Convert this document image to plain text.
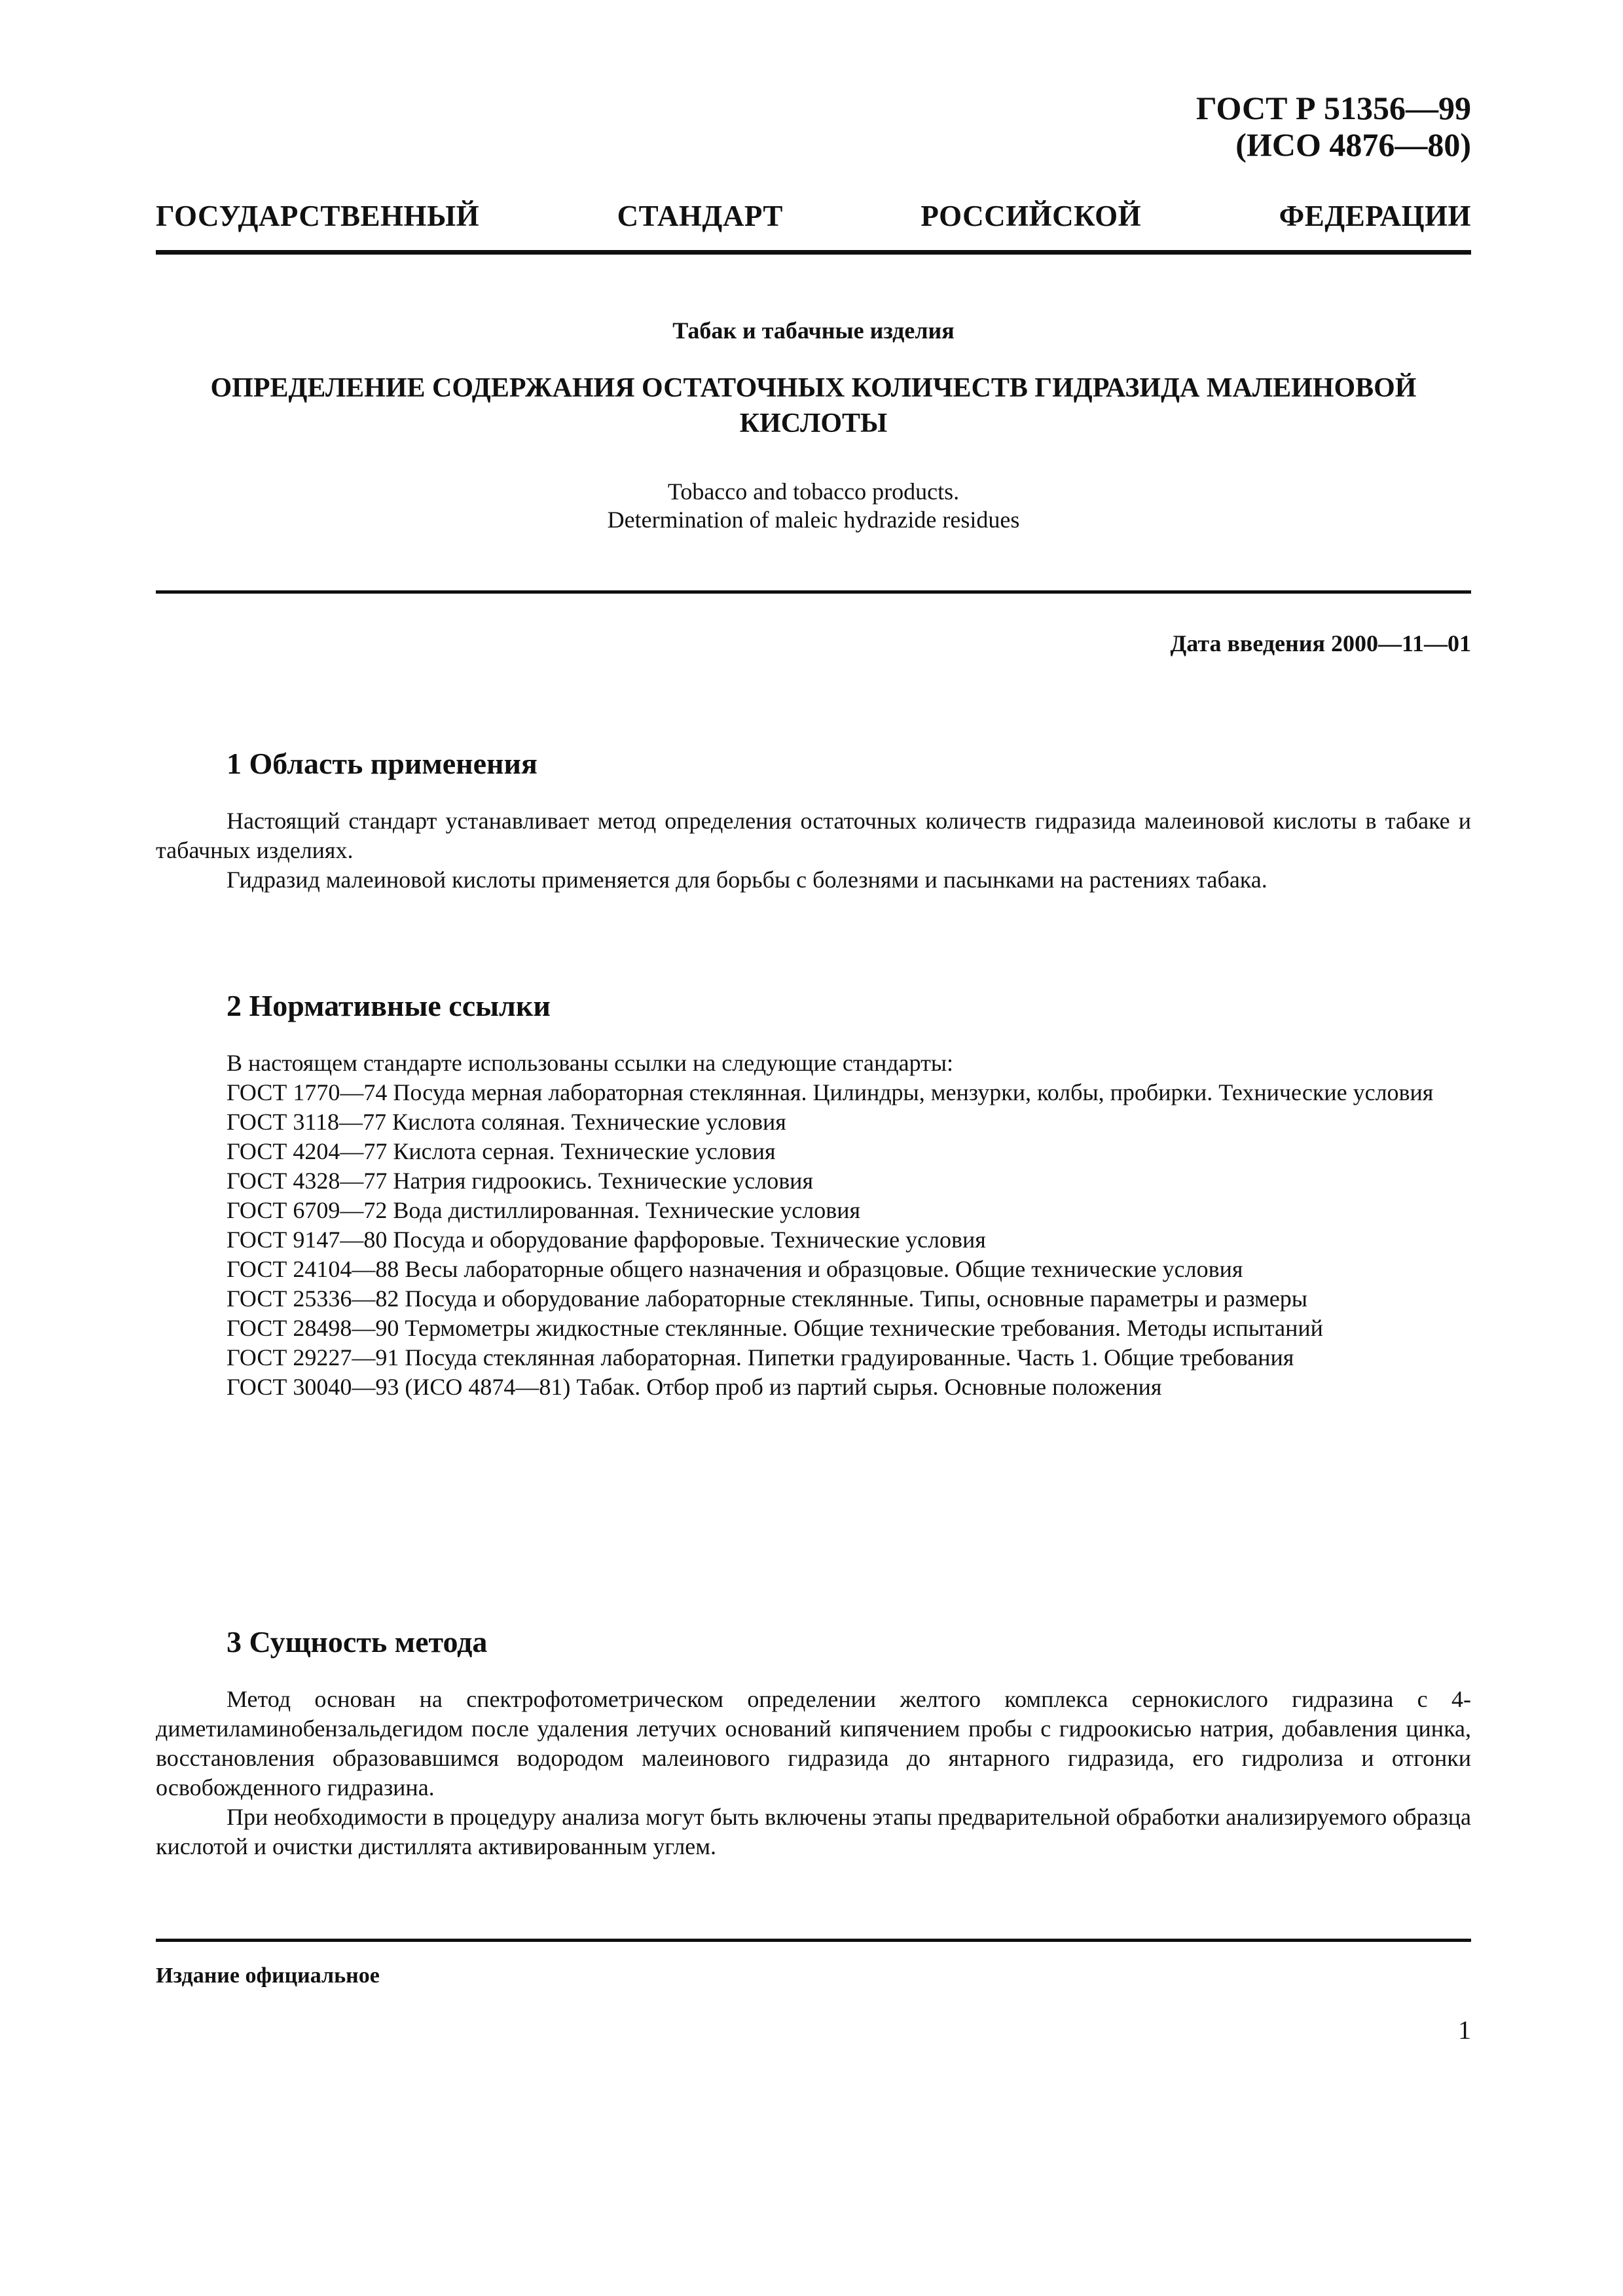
ГОСТ Р 51356—99
(ИСО 4876—80)
ГОСУДАРСТВЕННЫЙ СТАНДАРТ РОССИЙСКОЙ ФЕДЕРАЦИИ
Табак и табачные изделия
ОПРЕДЕЛЕНИЕ СОДЕРЖАНИЯ ОСТАТОЧНЫХ КОЛИЧЕСТВ ГИДРАЗИДА МАЛЕИНОВОЙ
КИСЛОТЫ
Tobacco and tobacco products.
Determination of maleic hydrazide residues
Дата введения 2000—11—01
1 Область применения
Настоящий стандарт устанавливает метод определения остаточных количеств гидразида малеиновой кислоты в табаке и табачных изделиях.
Гидразид малеиновой кислоты применяется для борьбы с болезнями и пасынками на растениях табака.
2 Нормативные ссылки
В настоящем стандарте использованы ссылки на следующие стандарты:
ГОСТ 1770—74 Посуда мерная лабораторная стеклянная. Цилиндры, мензурки, колбы, пробирки. Технические условия
ГОСТ 3118—77 Кислота соляная. Технические условия
ГОСТ 4204—77 Кислота серная. Технические условия
ГОСТ 4328—77 Натрия гидроокись. Технические условия
ГОСТ 6709—72 Вода дистиллированная. Технические условия
ГОСТ 9147—80 Посуда и оборудование фарфоровые. Технические условия
ГОСТ 24104—88 Весы лабораторные общего назначения и образцовые. Общие технические условия
ГОСТ 25336—82 Посуда и оборудование лабораторные стеклянные. Типы, основные параметры и размеры
ГОСТ 28498—90 Термометры жидкостные стеклянные. Общие технические требования. Методы испытаний
ГОСТ 29227—91 Посуда стеклянная лабораторная. Пипетки градуированные. Часть 1. Общие требования
ГОСТ 30040—93 (ИСО 4874—81) Табак. Отбор проб из партий сырья. Основные положения
3 Сущность метода
Метод основан на спектрофотометрическом определении желтого комплекса сернокислого гидразина с 4-диметиламинобензальдегидом после удаления летучих оснований кипячением пробы с гидроокисью натрия, добавления цинка, восстановления образовавшимся водородом малеинового гидразида до янтарного гидразида, его гидролиза и отгонки освобожденного гидразина.
При необходимости в процедуру анализа могут быть включены этапы предварительной обработки анализируемого образца кислотой и очистки дистиллята активированным углем.
Издание официальное
1
